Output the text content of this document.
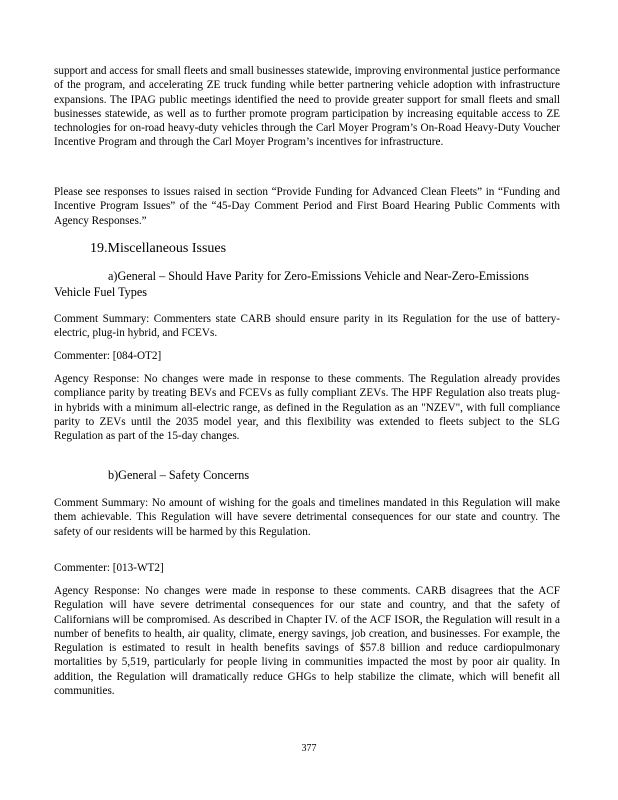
support and access for small fleets and small businesses statewide, improving environmental justice performance of the program, and accelerating ZE truck funding while better partnering vehicle adoption with infrastructure expansions. The IPAG public meetings identified the need to provide greater support for small fleets and small businesses statewide, as well as to further promote program participation by increasing equitable access to ZE technologies for on-road heavy-duty vehicles through the Carl Moyer Program’s On-Road Heavy-Duty Voucher Incentive Program and through the Carl Moyer Program’s incentives for infrastructure.

Please see responses to issues raised in section “Provide Funding for Advanced Clean Fleets” in “Funding and Incentive Program Issues” of the “45-Day Comment Period and First Board Hearing Public Comments with Agency Responses.”

19.Miscellaneous Issues

a)General – Should Have Parity for Zero-Emissions Vehicle and Near-Zero-Emissions Vehicle Fuel Types

Comment Summary: Commenters state CARB should ensure parity in its Regulation for the use of battery-electric, plug-in hybrid, and FCEVs.

Commenter: [084-OT2]

Agency Response: No changes were made in response to these comments. The Regulation already provides compliance parity by treating BEVs and FCEVs as fully compliant ZEVs. The HPF Regulation also treats plug-in hybrids with a minimum all-electric range, as defined in the Regulation as an "NZEV", with full compliance parity to ZEVs until the 2035 model year, and this flexibility was extended to fleets subject to the SLG Regulation as part of the 15-day changes.

b)General – Safety Concerns

Comment Summary: No amount of wishing for the goals and timelines mandated in this Regulation will make them achievable. This Regulation will have severe detrimental consequences for our state and country. The safety of our residents will be harmed by this Regulation.

Commenter: [013-WT2]

Agency Response: No changes were made in response to these comments. CARB disagrees that the ACF Regulation will have severe detrimental consequences for our state and country, and that the safety of Californians will be compromised. As described in Chapter IV. of the ACF ISOR, the Regulation will result in a number of benefits to health, air quality, climate, energy savings, job creation, and businesses. For example, the Regulation is estimated to result in health benefits savings of $57.8 billion and reduce cardiopulmonary mortalities by 5,519, particularly for people living in communities impacted the most by poor air quality. In addition, the Regulation will dramatically reduce GHGs to help stabilize the climate, which will benefit all communities.

377
